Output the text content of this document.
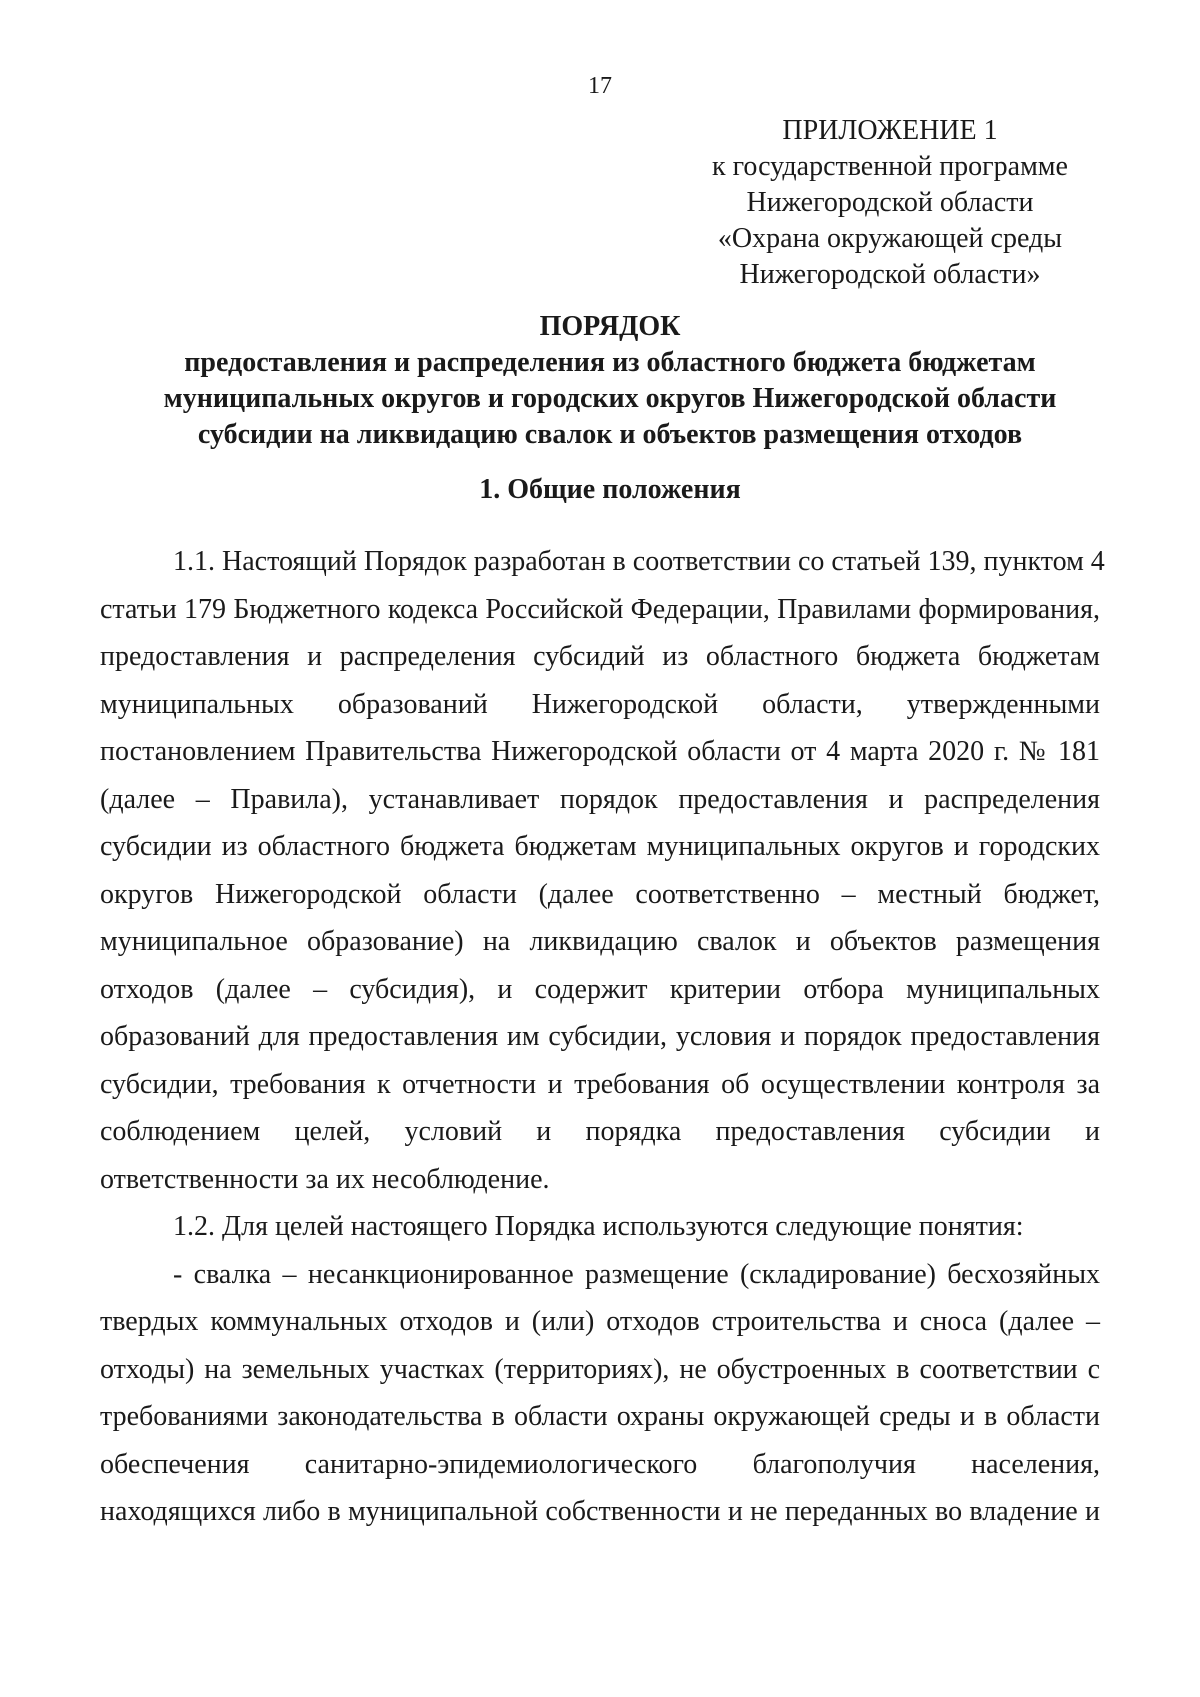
17
ПРИЛОЖЕНИЕ 1
к государственной программе
Нижегородской области
«Охрана окружающей среды
Нижегородской области»
ПОРЯДОК
предоставления и распределения из областного бюджета бюджетам
муниципальных округов и городских округов Нижегородской области
субсидии на ликвидацию свалок и объектов размещения отходов
1. Общие положения
1.1. Настоящий Порядок разработан в соответствии со статьей 139, пунктом 4
статьи 179 Бюджетного кодекса Российской Федерации, Правилами формирования,
предоставления и распределения субсидий из областного бюджета бюджетам
муниципальных образований Нижегородской области, утвержденными
постановлением Правительства Нижегородской области от 4 марта 2020 г. № 181
(далее – Правила), устанавливает порядок предоставления и распределения
субсидии из областного бюджета бюджетам муниципальных округов и городских
округов Нижегородской области (далее соответственно – местный бюджет,
муниципальное образование) на ликвидацию свалок и объектов размещения
отходов (далее – субсидия), и содержит критерии отбора муниципальных
образований для предоставления им субсидии, условия и порядок предоставления
субсидии, требования к отчетности и требования об осуществлении контроля за
соблюдением целей, условий и порядка предоставления субсидии и
ответственности за их несоблюдение.
1.2. Для целей настоящего Порядка используются следующие понятия:
- свалка – несанкционированное размещение (складирование) бесхозяйных
твердых коммунальных отходов и (или) отходов строительства и сноса (далее –
отходы) на земельных участках (территориях), не обустроенных в соответствии с
требованиями законодательства в области охраны окружающей среды и в области
обеспечения санитарно-эпидемиологического благополучия населения,
находящихся либо в муниципальной собственности и не переданных во владение и
